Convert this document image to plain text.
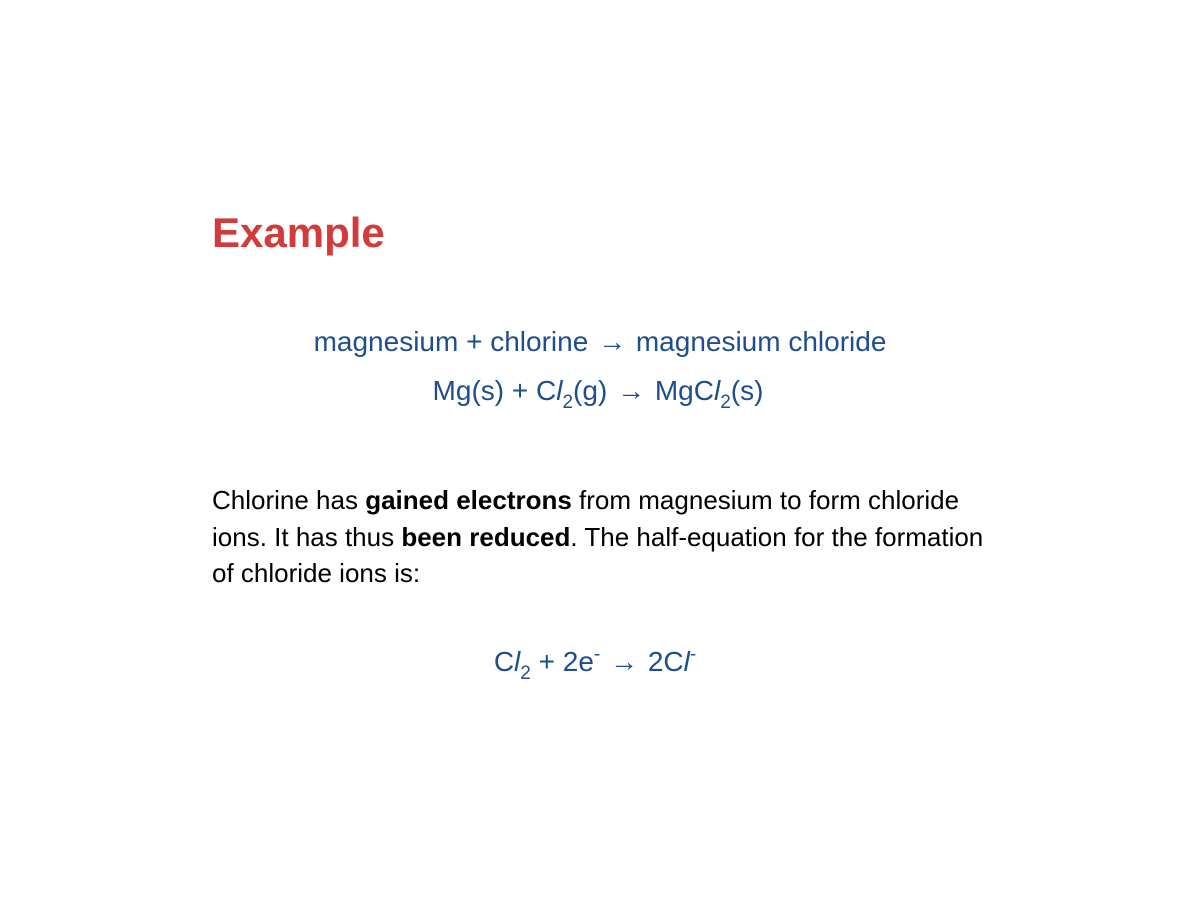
Example
magnesium + chlorine → magnesium chloride
$Mg(s) + Cl_2(g)$ → MgCl$_2$(s)

Chlorine has gained electrons from magnesium to form chloride ions. It has thus been reduced. The half-equation for the formation of chloride ions is:

$Cl_2 + 2e^- \to 2Cl^-$
